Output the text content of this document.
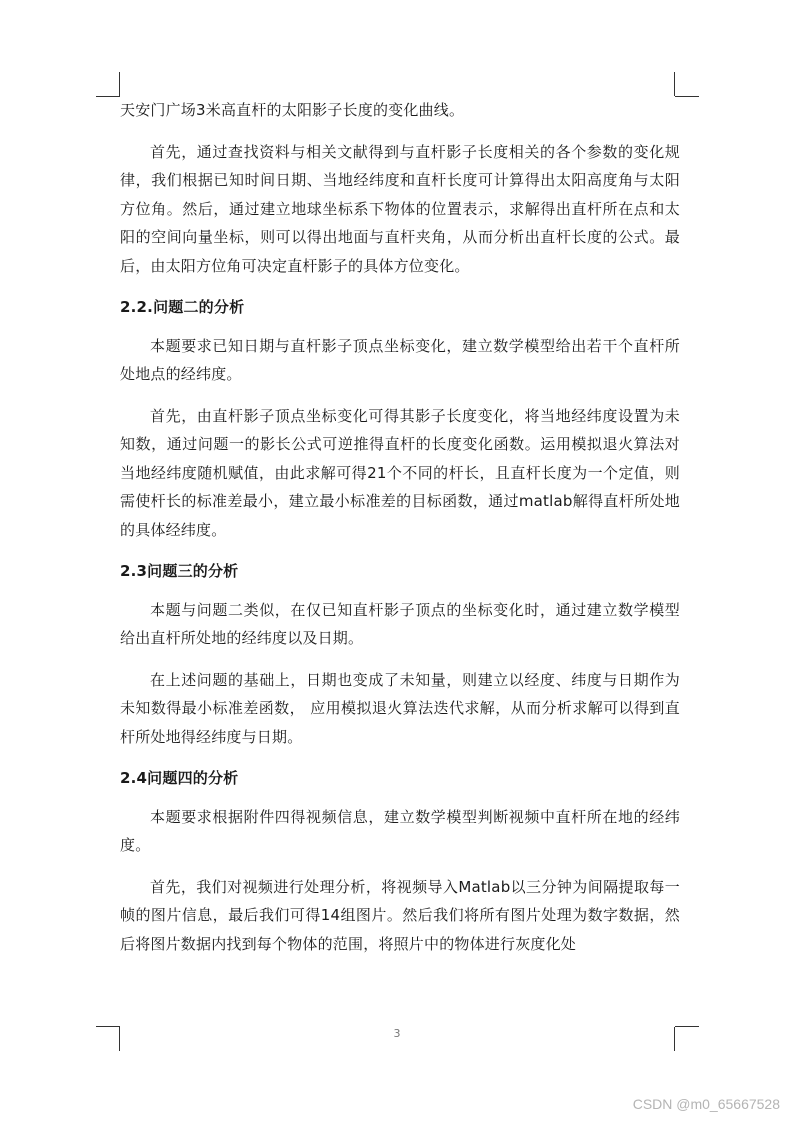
天安门广场3米高直杆的太阳影子长度的变化曲线。

首先，通过查找资料与相关文献得到与直杆影子长度相关的各个参数的变化规律，我们根据已知时间日期、当地经纬度和直杆长度可计算得出太阳高度角与太阳方位角。然后，通过建立地球坐标系下物体的位置表示，求解得出直杆所在点和太阳的空间向量坐标，则可以得出地面与直杆夹角，从而分析出直杆长度的公式。最后，由太阳方位角可决定直杆影子的具体方位变化。

2.2.问题二的分析

本题要求已知日期与直杆影子顶点坐标变化，建立数学模型给出若干个直杆所处地点的经纬度。

首先，由直杆影子顶点坐标变化可得其影子长度变化，将当地经纬度设置为未知数，通过问题一的影长公式可逆推得直杆的长度变化函数。运用模拟退火算法对当地经纬度随机赋值，由此求解可得21个不同的杆长，且直杆长度为一个定值，则需使杆长的标准差最小，建立最小标准差的目标函数，通过matlab解得直杆所处地的具体经纬度。

2.3问题三的分析

本题与问题二类似，在仅已知直杆影子顶点的坐标变化时，通过建立数学模型给出直杆所处地的经纬度以及日期。

在上述问题的基础上，日期也变成了未知量，则建立以经度、纬度与日期作为未知数得最小标准差函数， 应用模拟退火算法迭代求解，从而分析求解可以得到直杆所处地得经纬度与日期。

2.4问题四的分析

本题要求根据附件四得视频信息，建立数学模型判断视频中直杆所在地的经纬度。

首先，我们对视频进行处理分析，将视频导入Matlab以三分钟为间隔提取每一帧的图片信息，最后我们可得14组图片。然后我们将所有图片处理为数字数据，然后将图片数据内找到每个物体的范围，将照片中的物体进行灰度化处

3
CSDN @m0_65667528
